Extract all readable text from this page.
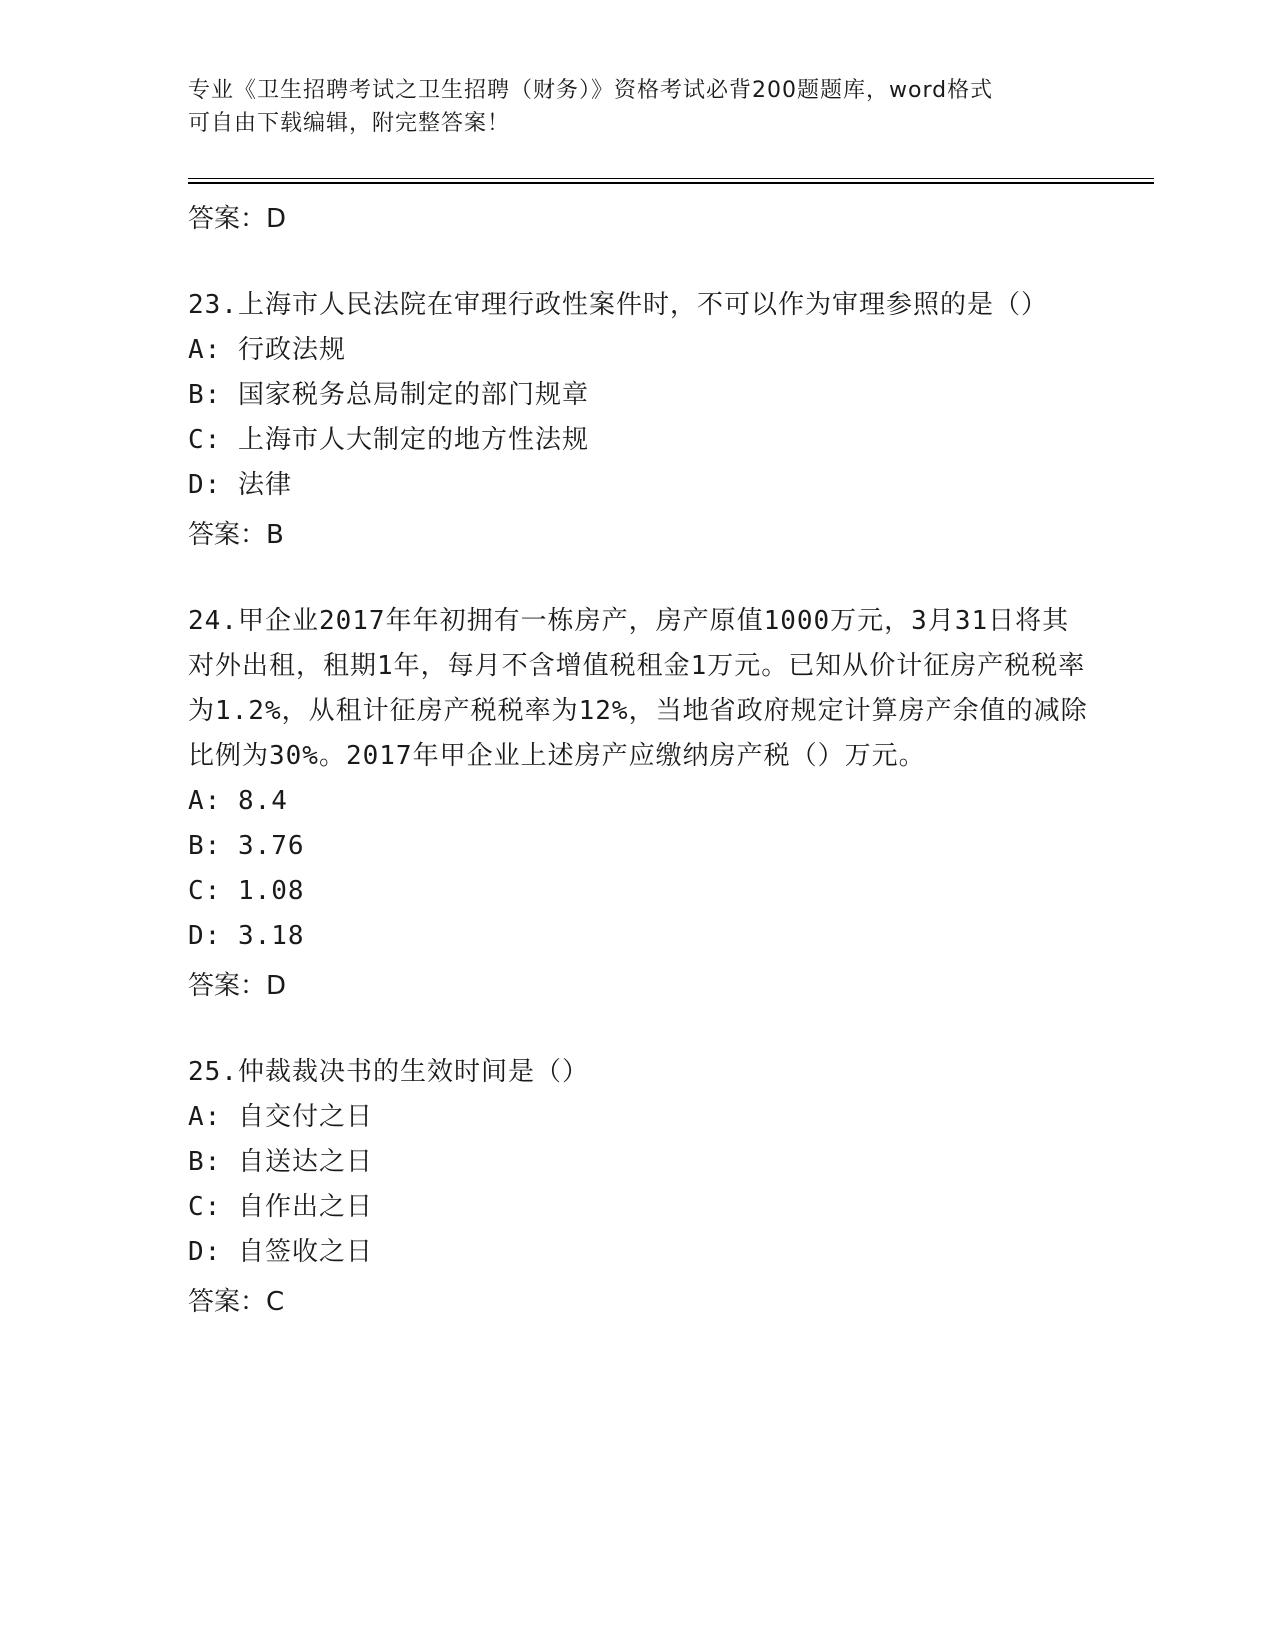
专业《卫生招聘考试之卫生招聘（财务）》资格考试必背200题题库，word格式
可自由下载编辑，附完整答案！
答案：D
23.上海市人民法院在审理行政性案件时，不可以作为审理参照的是（）
A: 行政法规
B: 国家税务总局制定的部门规章
C: 上海市人大制定的地方性法规
D: 法律
答案：B
24.甲企业2017年年初拥有一栋房产，房产原值1000万元，3月31日将其对外出租，租期1年，每月不含增值税租金1万元。已知从价计征房产税税率为1.2%，从租计征房产税税率为12%，当地省政府规定计算房产余值的减除比例为30%。2017年甲企业上述房产应缴纳房产税（）万元。
A: 8.4
B: 3.76
C: 1.08
D: 3.18
答案：D
25.仲裁裁决书的生效时间是（）
A: 自交付之日
B: 自送达之日
C: 自作出之日
D: 自签收之日
答案：C
